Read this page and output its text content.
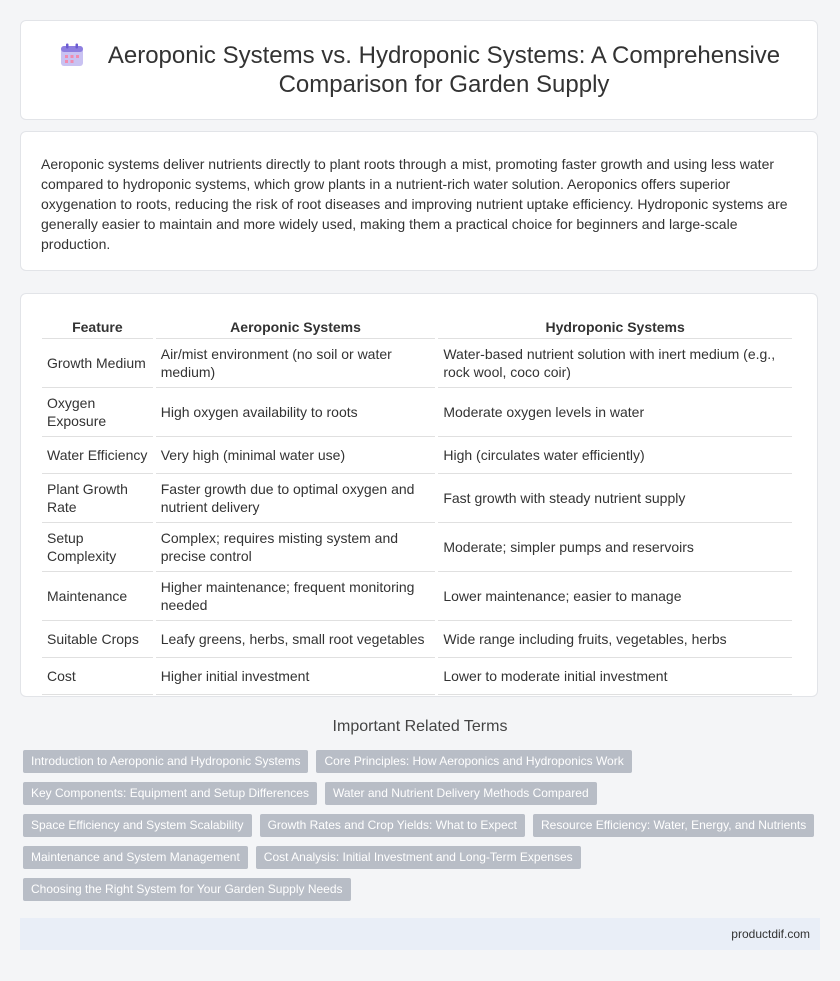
Aeroponic Systems vs. Hydroponic Systems: A Comprehensive Comparison for Garden Supply

Aeroponic systems deliver nutrients directly to plant roots through a mist, promoting faster growth and using less water compared to hydroponic systems, which grow plants in a nutrient-rich water solution. Aeroponics offers superior oxygenation to roots, reducing the risk of root diseases and improving nutrient uptake efficiency. Hydroponic systems are generally easier to maintain and more widely used, making them a practical choice for beginners and large-scale production.

Feature	Aeroponic Systems	Hydroponic Systems
Growth Medium	Air/mist environment (no soil or water medium)	Water-based nutrient solution with inert medium (e.g., rock wool, coco coir)
Oxygen Exposure	High oxygen availability to roots	Moderate oxygen levels in water
Water Efficiency	Very high (minimal water use)	High (circulates water efficiently)
Plant Growth Rate	Faster growth due to optimal oxygen and nutrient delivery	Fast growth with steady nutrient supply
Setup Complexity	Complex; requires misting system and precise control	Moderate; simpler pumps and reservoirs
Maintenance	Higher maintenance; frequent monitoring needed	Lower maintenance; easier to manage
Suitable Crops	Leafy greens, herbs, small root vegetables	Wide range including fruits, vegetables, herbs
Cost	Higher initial investment	Lower to moderate initial investment
Important Related Terms
Introduction to Aeroponic and Hydroponic Systems	Core Principles: How Aeroponics and Hydroponics Work
Key Components: Equipment and Setup Differences	Water and Nutrient Delivery Methods Compared
Space Efficiency and System Scalability	Growth Rates and Crop Yields: What to Expect	Resource Efficiency: Water, Energy, and Nutrients
Maintenance and System Management	Cost Analysis: Initial Investment and Long-Term Expenses
Choosing the Right System for Your Garden Supply Needs
productdif.com
